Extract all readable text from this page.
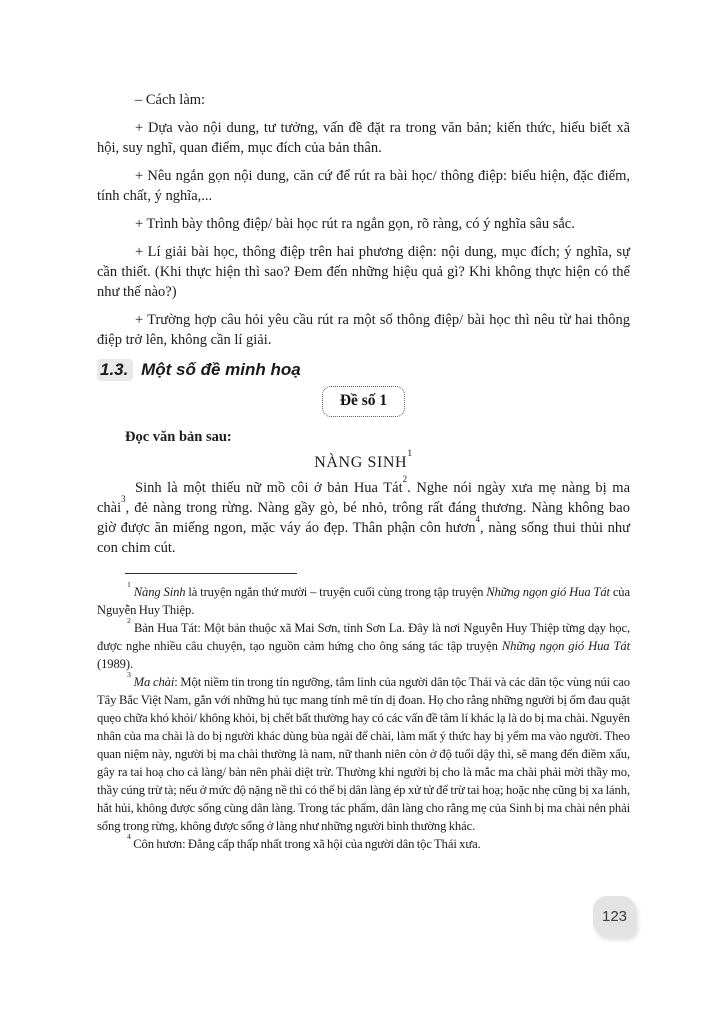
– Cách làm:

+ Dựa vào nội dung, tư tưởng, vấn đề đặt ra trong văn bản; kiến thức, hiểu biết xã hội, suy nghĩ, quan điểm, mục đích của bản thân.

+ Nêu ngắn gọn nội dung, căn cứ để rút ra bài học/ thông điệp: biểu hiện, đặc điểm, tính chất, ý nghĩa,...

+ Trình bày thông điệp/ bài học rút ra ngắn gọn, rõ ràng, có ý nghĩa sâu sắc.

+ Lí giải bài học, thông điệp trên hai phương diện: nội dung, mục đích; ý nghĩa, sự cần thiết. (Khi thực hiện thì sao? Đem đến những hiệu quả gì? Khi không thực hiện có thể như thế nào?)

+ Trường hợp câu hỏi yêu cầu rút ra một số thông điệp/ bài học thì nêu từ hai thông điệp trở lên, không cần lí giải.

1.3. Một số đề minh hoạ
Đề số 1

Đọc văn bản sau:

NÀNG SINH$^1$

Sinh là một thiếu nữ mồ côi ở bản Hua Tát$^2$. Nghe nói ngày xưa mẹ nàng bị ma chài$^3$, đẻ nàng trong rừng. Nàng gầy gò, bé nhỏ, trông rất đáng thương. Nàng không bao giờ được ăn miếng ngon, mặc váy áo đẹp. Thân phận côn hươn$^4$, nàng sống thui thủi như con chim cút.

$^1$ Nàng Sinh là truyện ngắn thứ mười – truyện cuối cùng trong tập truyện Những ngọn gió Hua Tát của Nguyễn Huy Thiệp.

$^2$ Bản Hua Tát: Một bản thuộc xã Mai Sơn, tỉnh Sơn La. Đây là nơi Nguyễn Huy Thiệp từng dạy học, được nghe nhiều câu chuyện, tạo nguồn cảm hứng cho ông sáng tác tập truyện Những ngọn gió Hua Tát (1989).

$^3$ Ma chài: Một niềm tin trong tín ngưỡng, tâm linh của người dân tộc Thái và các dân tộc vùng núi cao Tây Bắc Việt Nam, gắn với những hủ tục mang tính mê tín dị đoan. Họ cho rằng những người bị ốm đau quặt quẹo chữa khó khỏi/ không khỏi, bị chết bất thường hay có các vấn đề tâm lí khác lạ là do bị ma chài. Nguyên nhân của ma chài là do bị người khác dùng bùa ngải để chài, làm mất ý thức hay bị yểm ma vào người. Theo quan niệm này, người bị ma chài thường là nam, nữ thanh niên còn ở độ tuổi dậy thì, sẽ mang đến điềm xấu, gây ra tai hoạ cho cả làng/ bản nên phải diệt trừ. Thường khi người bị cho là mắc ma chài phải mời thầy mo, thầy cúng trừ tà; nếu ở mức độ nặng nề thì có thể bị dân làng ép xử tử để trừ tai hoạ; hoặc nhẹ cũng bị xa lánh, hắt hủi, không được sống cùng dân làng. Trong tác phẩm, dân làng cho rằng mẹ của Sinh bị ma chài nên phải sống trong rừng, không được sống ở làng như những người bình thường khác.

$^4$ Côn hươn: Đẳng cấp thấp nhất trong xã hội của người dân tộc Thái xưa.

123
